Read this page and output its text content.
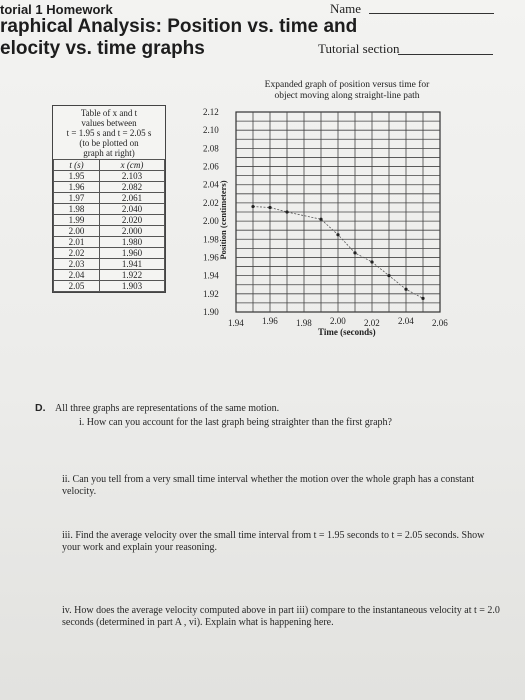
torial 1 Homework
raphical Analysis: Position vs. time and
elocity vs. time graphs
Name
Tutorial section
Table of x and t
values between
t = 1.95 s and t = 2.05 s
(to be plotted on
graph at right)
t (s)	x (cm)
1.95	2.103
1.96	2.082
1.97	2.061
1.98	2.040
1.99	2.020
2.00	2.000
2.01	1.980
2.02	1.960
2.03	1.941
2.04	1.922
2.05	1.903
Expanded graph of position versus time for object moving along straight-line path
2.12
2.10
2.08
2.06
2.04
2.02
2.00
1.98
1.96
1.94
1.92
1.90
1.94 1.96 1.98 2.00 2.02 2.04 2.06
Position (centimeters)
Time (seconds)
D. All three graphs are representations of the same motion.
i. How can you account for the last graph being straighter than the first graph?
ii. Can you tell from a very small time interval whether the motion over the whole graph has a constant velocity.
iii. Find the average velocity over the small time interval from t = 1.95 seconds to t = 2.05 seconds. Show your work and explain your reasoning.
iv. How does the average velocity computed above in part iii) compare to the instantaneous velocity at t = 2.0 seconds (determined in part A , vi). Explain what is happening here.
